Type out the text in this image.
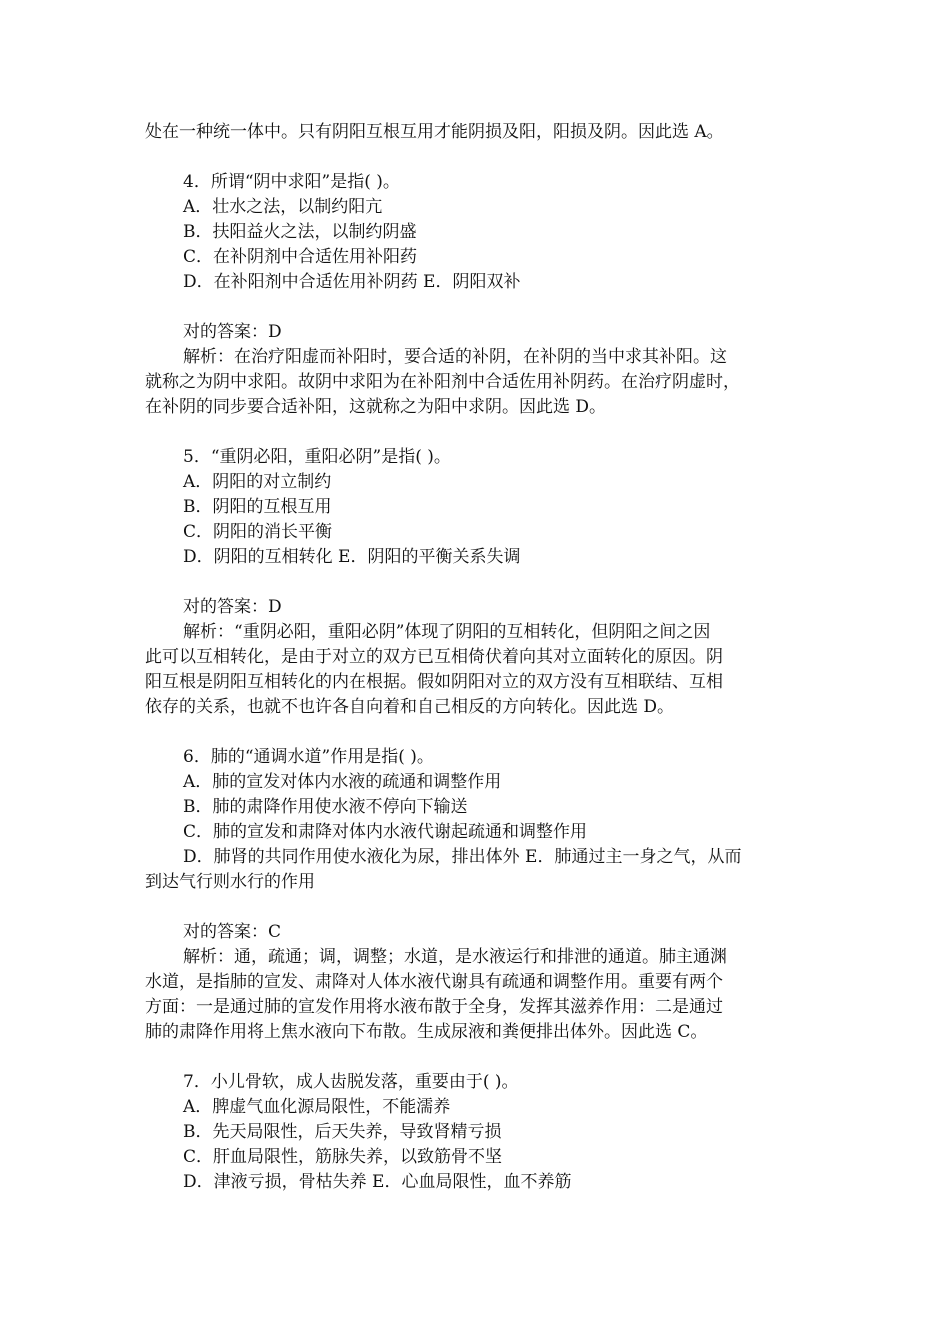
处在一种统一体中。只有阴阳互根互用才能阴损及阳，阳损及阴。因此选 A。
4．所谓“阴中求阳”是指( )。
A．壮水之法，以制约阳亢
B．扶阳益火之法，以制约阴盛
C．在补阴剂中合适佐用补阳药
D．在补阳剂中合适佐用补阴药 E．阴阳双补
对的答案：D
解析：在治疗阳虚而补阳时，要合适的补阴，在补阴的当中求其补阳。这
就称之为阴中求阳。故阴中求阳为在补阳剂中合适佐用补阴药。在治疗阴虚时，
在补阴的同步要合适补阳，这就称之为阳中求阴。因此选 D。
5．“重阴必阳，重阳必阴”是指( )。
A．阴阳的对立制约
B．阴阳的互根互用
C．阴阳的消长平衡
D．阴阳的互相转化 E．阴阳的平衡关系失调
对的答案：D
解析：“重阴必阳，重阳必阴”体现了阴阳的互相转化，但阴阳之间之因
此可以互相转化，是由于对立的双方已互相倚伏着向其对立面转化的原因。阴
阳互根是阴阳互相转化的内在根据。假如阴阳对立的双方没有互相联结、互相
依存的关系，也就不也许各自向着和自己相反的方向转化。因此选 D。
6．肺的“通调水道”作用是指( )。
A．肺的宣发对体内水液的疏通和调整作用
B．肺的肃降作用使水液不停向下输送
C．肺的宣发和肃降对体内水液代谢起疏通和调整作用
D．肺肾的共同作用使水液化为尿，排出体外 E．肺通过主一身之气，从而
到达气行则水行的作用
对的答案：C
解析：通，疏通；调，调整；水道，是水液运行和排泄的通道。肺主通渊
水道，是指肺的宣发、肃降对人体水液代谢具有疏通和调整作用。重要有两个
方面：一是通过肺的宣发作用将水液布散于全身，发挥其滋养作用：二是通过
肺的肃降作用将上焦水液向下布散。生成尿液和粪便排出体外。因此选 C。
7．小儿骨软，成人齿脱发落，重要由于( )。
A．脾虚气血化源局限性，不能濡养
B．先天局限性，后天失养，导致肾精亏损
C．肝血局限性，筋脉失养，以致筋骨不坚
D．津液亏损，骨枯失养 E．心血局限性，血不养筋
